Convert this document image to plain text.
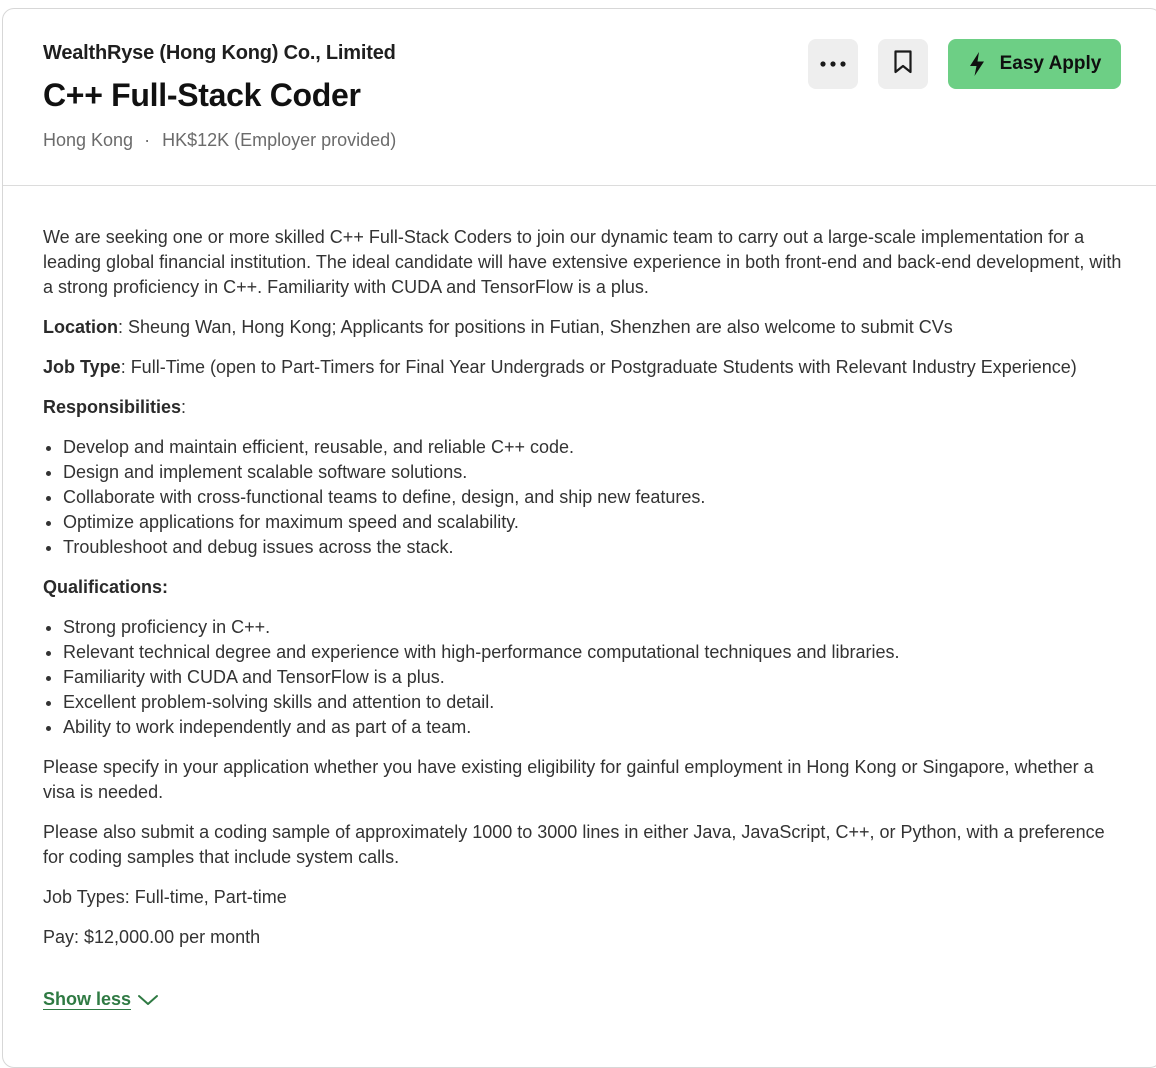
WealthRyse (Hong Kong) Co., Limited
C++ Full-Stack Coder
Hong Kong · HK$12K (Employer provided)
Easy Apply

We are seeking one or more skilled C++ Full-Stack Coders to join our dynamic team to carry out a large-scale implementation for a leading global financial institution. The ideal candidate will have extensive experience in both front-end and back-end development, with a strong proficiency in C++. Familiarity with CUDA and TensorFlow is a plus.

Location: Sheung Wan, Hong Kong; Applicants for positions in Futian, Shenzhen are also welcome to submit CVs

Job Type: Full-Time (open to Part-Timers for Final Year Undergrads or Postgraduate Students with Relevant Industry Experience)

Responsibilities:

• Develop and maintain efficient, reusable, and reliable C++ code.
• Design and implement scalable software solutions.
• Collaborate with cross-functional teams to define, design, and ship new features.
• Optimize applications for maximum speed and scalability.
• Troubleshoot and debug issues across the stack.

Qualifications:

• Strong proficiency in C++.
• Relevant technical degree and experience with high-performance computational techniques and libraries.
• Familiarity with CUDA and TensorFlow is a plus.
• Excellent problem-solving skills and attention to detail.
• Ability to work independently and as part of a team.

Please specify in your application whether you have existing eligibility for gainful employment in Hong Kong or Singapore, whether a visa is needed.

Please also submit a coding sample of approximately 1000 to 3000 lines in either Java, JavaScript, C++, or Python, with a preference for coding samples that include system calls.

Job Types: Full-time, Part-time

Pay: $12,000.00 per month

Show less
